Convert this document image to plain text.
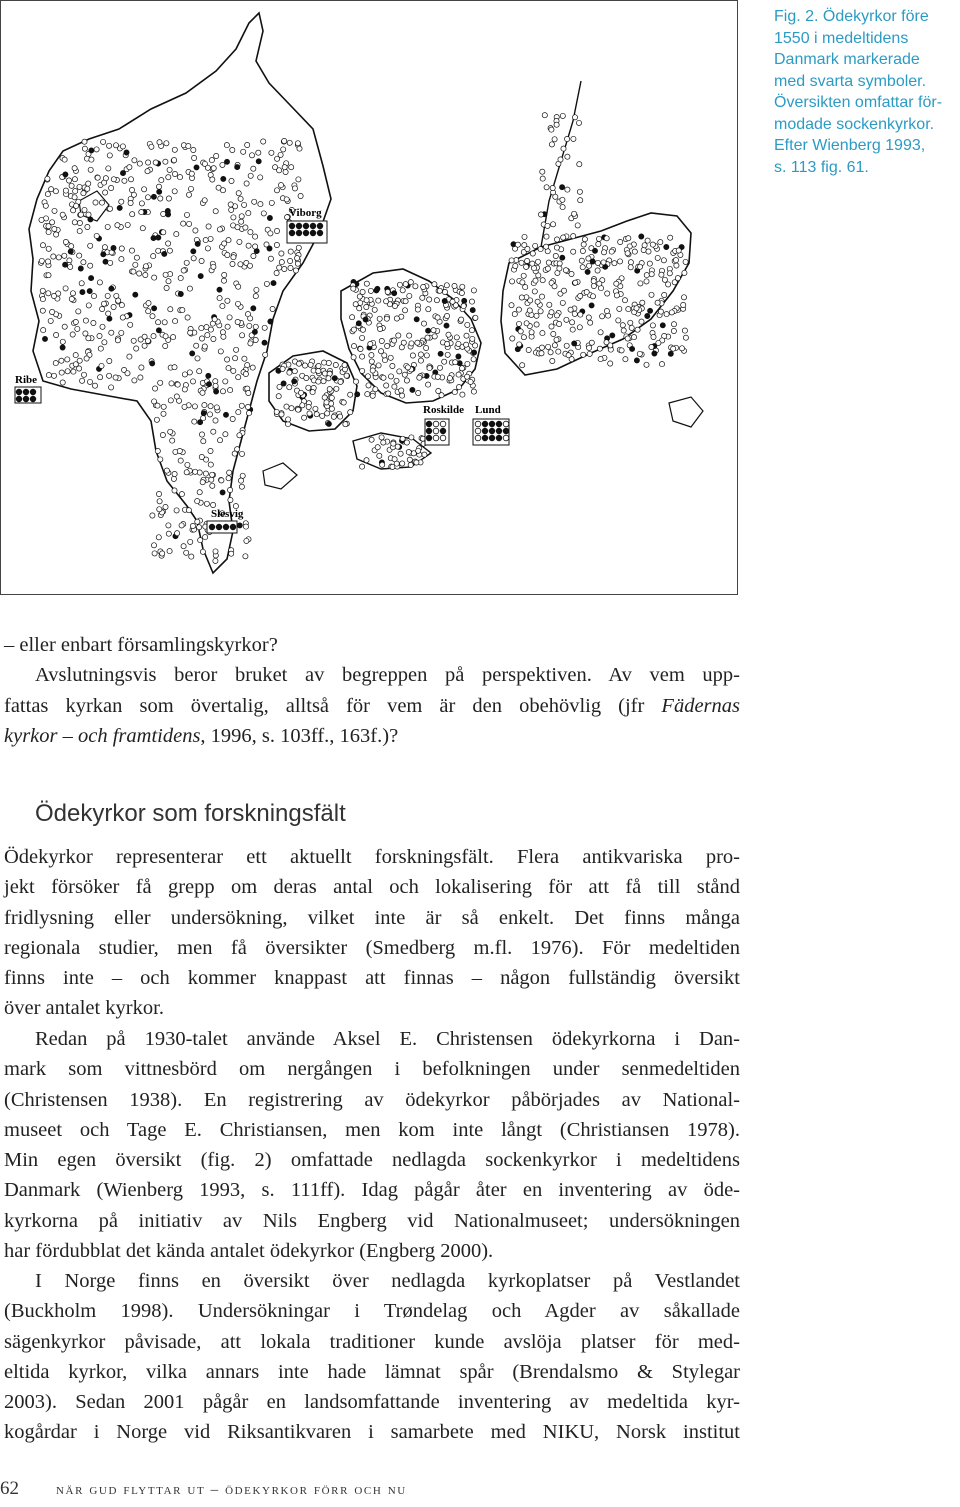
Viborg
Ribe
Roskilde Lund
Slesvig
Fig. 2. Ödekyrkor före
1550 i medeltidens
Danmark markerade
med svarta symboler.
Översikten omfattar för-
modade sockenkyrkor.
Efter Wienberg 1993,
s. 113 fig. 61.
– eller enbart församlingskyrkor?
Avslutningsvis beror bruket av begreppen på perspektiven. Av vem upp-
fattas kyrkan som övertalig, alltså för vem är den obehövlig (jfr Fädernas
kyrkor – och framtidens, 1996, s. 103ff., 163f.)?
Ödekyrkor som forskningsfält
Ödekyrkor representerar ett aktuellt forskningsfält. Flera antikvariska pro-
jekt försöker få grepp om deras antal och lokalisering för att få till stånd
fridlysning eller undersökning, vilket inte är så enkelt. Det finns många
regionala studier, men få översikter (Smedberg m.fl. 1976). För medeltiden
finns inte – och kommer knappast att finnas – någon fullständig översikt
över antalet kyrkor.
Redan på 1930-talet använde Aksel E. Christensen ödekyrkorna i Dan-
mark som vittnesbörd om nergången i befolkningen under senmedeltiden
(Christensen 1938). En registrering av ödekyrkor påbörjades av National-
museet och Tage E. Christiansen, men kom inte långt (Christiansen 1978).
Min egen översikt (fig. 2) omfattade nedlagda sockenkyrkor i medeltidens
Danmark (Wienberg 1993, s. 111ff). Idag pågår åter en inventering av öde-
kyrkorna på initiativ av Nils Engberg vid Nationalmuseet; undersökningen
har fördubblat det kända antalet ödekyrkor (Engberg 2000).
I Norge finns en översikt över nedlagda kyrkoplatser på Vestlandet
(Buckholm 1998). Undersökningar i Trøndelag och Agder av såkallade
sägenkyrkor påvisade, att lokala traditioner kunde avslöja platser för med-
eltida kyrkor, vilka annars inte hade lämnat spår (Brendalsmo & Stylegar
2003). Sedan 2001 pågår en landsomfattande inventering av medeltida kyr-
kogårdar i Norge vid Riksantikvaren i samarbete med NIKU, Norsk institut
62 när gud flyttar ut – ödekyrkor förr och nu
